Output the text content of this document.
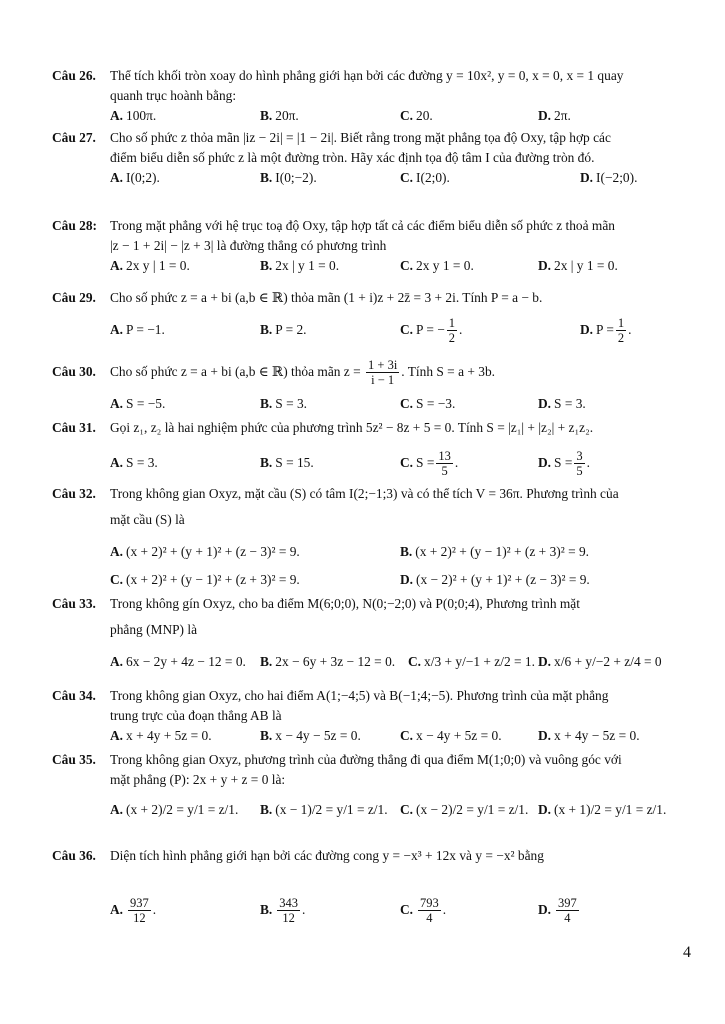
Câu 26. Thể tích khối tròn xoay do hình phẳng giới hạn bởi các đường y = 10x², y = 0, x = 0, x = 1 quay
quanh trục hoành bằng:
A. 100π.	B. 20π.	C. 20.	D. 2π.
Câu 27. Cho số phức z thỏa mãn |iz − 2i| = |1 − 2i|. Biết rằng trong mặt phẳng tọa độ Oxy, tập hợp các
điểm biểu diễn số phức z là một đường tròn. Hãy xác định tọa độ tâm I của đường tròn đó.
A. I(0;2).	B. I(0;−2).	C. I(2;0).	D. I(−2;0).
Câu 28: Trong mặt phẳng với hệ trục toạ độ Oxy, tập hợp tất cả các điểm biểu diễn số phức z thoả mãn
|z − 1 + 2i| − |z + 3| là đường thẳng có phương trình
A. 2x y | 1 = 0.	B. 2x | y 1 = 0.	C. 2x y 1 = 0.	D. 2x | y 1 = 0.
Câu 29. Cho số phức z = a + bi (a,b ∈ ℝ) thỏa mãn (1 + i)z + 2z̄ = 3 + 2i. Tính P = a − b.
A. P = −1.	B. P = 2.	C. P = − $\frac{1}{2}$ .	D. $P = \frac{1}{2}$ .
Câu 30. Cho số phức z = a + bi (a,b ∈ ℝ) thỏa mãn $z = \frac{1 + 3i}{i - 1}$ . Tính S = a + 3b.
A. S = −5.	B. S = 3.	C. S = −3.	D. S = 3.
Câu 31. Gọi z₁, z₂ là hai nghiệm phức của phương trình 5z² − 8z + 5 = 0. Tính S = |z₁| + |z₂| + z₁z₂.
A. S = 3.	B. S = 15.	C. $S = \frac{13}{5}$ .	D. $S = \frac{3}{5}$ .
Câu 32. Trong không gian Oxyz, mặt cầu (S) có tâm I(2;−1;3) và có thể tích V = 36π. Phương trình của
mặt cầu (S) là
A. (x + 2)² + (y + 1)² + (z − 3)² = 9.	B. (x + 2)² + (y − 1)² + (z + 3)² = 9.
C. (x + 2)² + (y − 1)² + (z + 3)² = 9.	D. (x − 2)² + (y + 1)² + (z − 3)² = 9.
Câu 33. Trong không gín Oxyz, cho ba điểm M(6;0;0), N(0;−2;0) và P(0;0;4), Phương trình mặt
phẳng (MNP) là
A. 6x − 2y + 4z − 12 = 0. B. 2x − 6y + 3z − 12 = 0. C. x/3 + y/−1 + z/2 = 1. D. x/6 + y/−2 + z/4 = 0
Câu 34. Trong không gian Oxyz, cho hai điểm A(1;−4;5) và B(−1;4;−5). Phương trình của mặt phẳng
trung trực của đoạn thẳng AB là
A. x + 4y + 5z = 0.	B. x − 4y − 5z = 0.	C. x − 4y + 5z = 0.	D. x + 4y − 5z = 0.
Câu 35. Trong không gian Oxyz, phương trình của đường thẳng đi qua điểm M(1;0;0) và vuông góc với
mặt phẳng (P): 2x + y + z = 0 là:
A. (x + 2)/2 = y/1 = z/1. B. (x − 1)/2 = y/1 = z/1. C. (x − 2)/2 = y/1 = z/1. D. (x + 1)/2 = y/1 = z/1.
Câu 36. Diện tích hình phẳng giới hạn bởi các đường cong y = −x³ + 12x và y = −x² bằng
A. $\frac{937}{12}$ .	B. $\frac{343}{12}$ .	C. $\frac{793}{4}$ .	D. $\frac{397}{4}$
4
